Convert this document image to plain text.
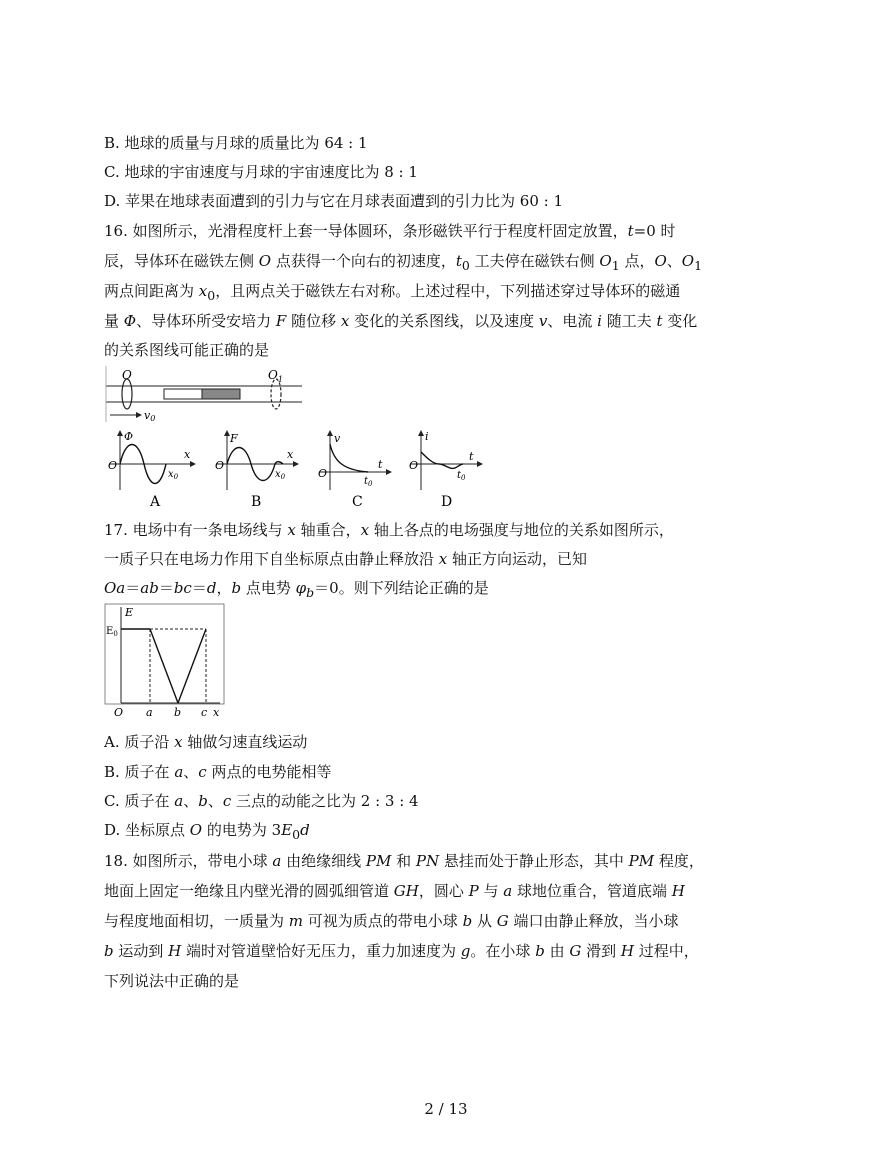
B. 地球的质量与月球的质量比为 64 : 1
C. 地球的宇宙速度与月球的宇宙速度比为 8 : 1
D. 苹果在地球表面遭到的引力与它在月球表面遭到的引力比为 60 : 1
16. 如图所示，光滑程度杆上套一导体圆环，条形磁铁平行于程度杆固定放置，t=0 时
辰，导体环在磁铁左侧 O 点获得一个向右的初速度，$t_0$ 工夫停在磁铁右侧 $O_1$ 点，O、$O_1$
两点间距离为 $x_0$，且两点关于磁铁左右对称。上述过程中，下列描述穿过导体环的磁通
量 Φ、导体环所受安培力 F 随位移 x 变化的关系图线，以及速度 v、电流 i 随工夫 t 变化
的关系图线可能正确的是
O	$O_1$
v0
Φ
O
x
$x_0$
A
F
O
x
$x_0$
B
v
O
t
$t_0$
C
i
O
t
$t_0$
D
17. 电场中有一条电场线与 x 轴重合，x 轴上各点的电场强度与地位的关系如图所示，
一质子只在电场力作用下自坐标原点由静止释放沿 x 轴正方向运动，已知
Oa＝ab＝bc＝d，b 点电势 $\varphi_b=0$。则下列结论正确的是
E
$E_0$
O a b c x
A. 质子沿 x 轴做匀速直线运动
B. 质子在 a、c 两点的电势能相等
C. 质子在 a、b、c 三点的动能之比为 2 : 3 : 4
D. 坐标原点 O 的电势为 $3E_0d$
18. 如图所示，带电小球 a 由绝缘细线 PM 和 PN 悬挂而处于静止形态，其中 PM 程度，
地面上固定一绝缘且内壁光滑的圆弧细管道 GH，圆心 P 与 a 球地位重合，管道底端 H
与程度地面相切，一质量为 m 可视为质点的带电小球 b 从 G 端口由静止释放，当小球
b 运动到 H 端时对管道壁恰好无压力，重力加速度为 g。在小球 b 由 G 滑到 H 过程中，
下列说法中正确的是
2 / 13
